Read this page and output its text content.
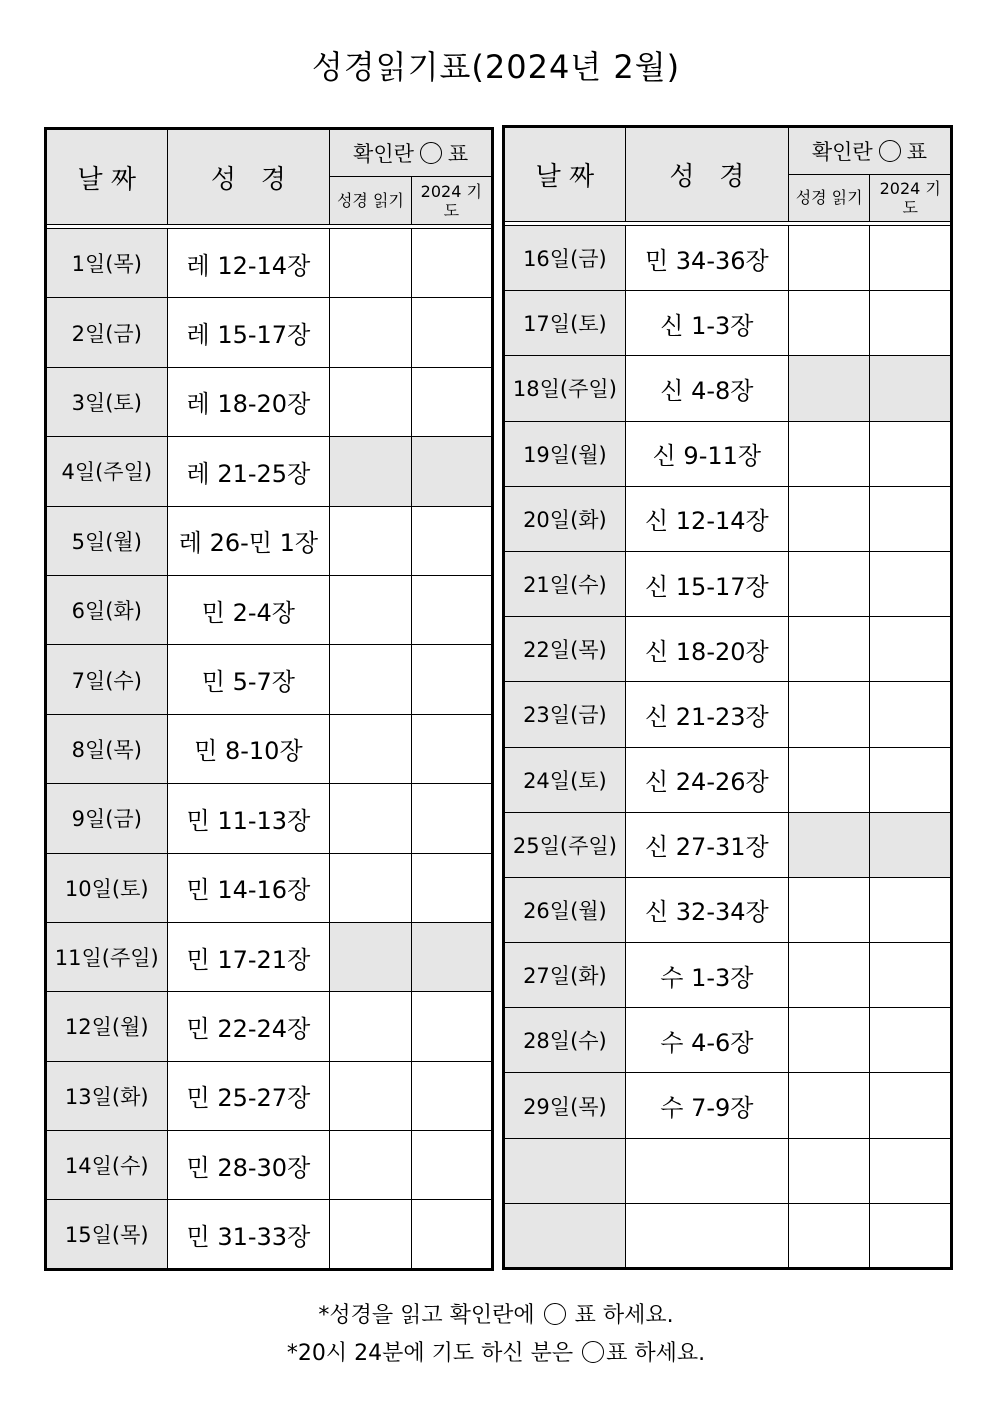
성경읽기표(2024년 2월)
날 짜	성   경	확인란 ○ 표	
		성경 읽기	2024 기 도

1일(목)	레 12-14장		
2일(금)	레 15-17장		
3일(토)	레 18-20장		
4일(주일)	레 21-25장		
5일(월)	레 26-민 1장		
6일(화)	민 2-4장		
7일(수)	민 5-7장		
8일(목)	민 8-10장		
9일(금)	민 11-13장		
10일(토)	민 14-16장		
11일(주일)	민 17-21장		
12일(월)	민 22-24장		
13일(화)	민 25-27장		
14일(수)	민 28-30장		
15일(목)	민 31-33장		
날 짜	성   경	확인란 ○ 표	
		성경 읽기	2024 기 도

16일(금)	민 34-36장		
17일(토)	신 1-3장		
18일(주일)	신 4-8장		
19일(월)	신 9-11장		
20일(화)	신 12-14장		
21일(수)	신 15-17장		
22일(목)	신 18-20장		
23일(금)	신 21-23장		
24일(토)	신 24-26장		
25일(주일)	신 27-31장		
26일(월)	신 32-34장		
27일(화)	수 1-3장		
28일(수)	수 4-6장		
29일(목)	수 7-9장		

*성경을 읽고 확인란에 ○ 표 하세요.
*20시 24분에 기도 하신 분은 ○ 표 하세요.
